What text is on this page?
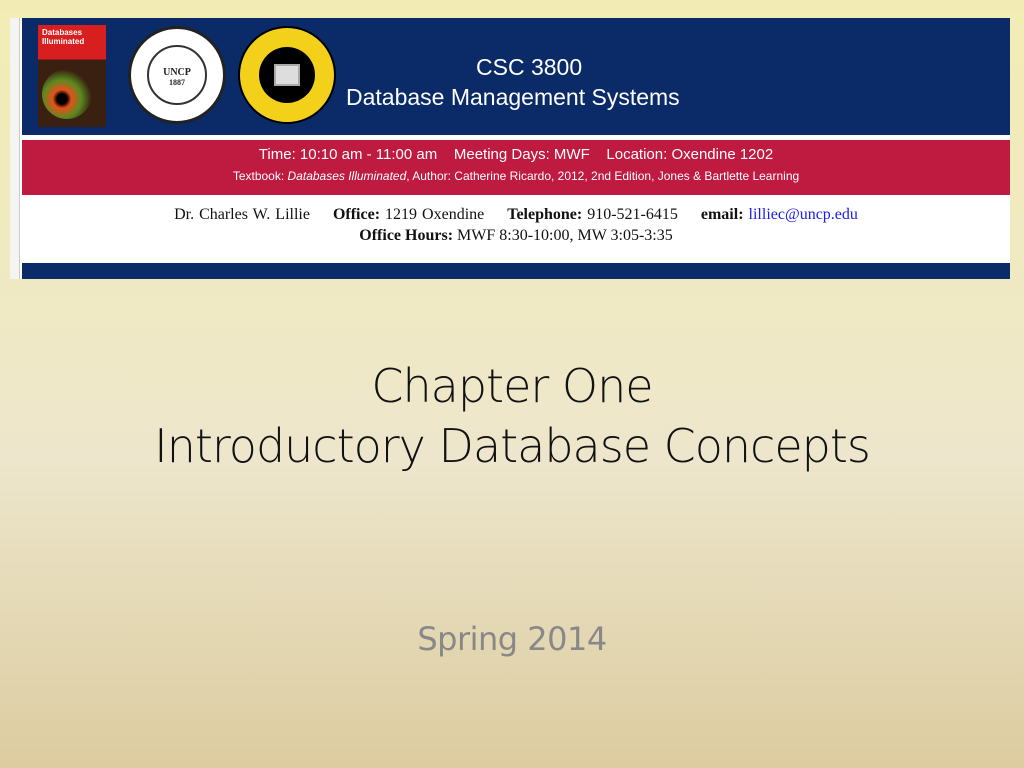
Databases Illuminated
UNCP
1887
CSC 3800
Database Management Systems
Time: 10:10 am - 11:00 am    Meeting Days: MWF    Location: Oxendine 1202
Textbook: Databases Illuminated, Author: Catherine Ricardo, 2012, 2nd Edition, Jones & Bartlette Learning
Dr. Charles W. Lillie Office: 1219 Oxendine Telephone: 910-521-6415 email: lilliec@uncp.edu
Office Hours: MWF 8:30-10:00, MW 3:05-3:35
Chapter One
Introductory Database Concepts
Spring 2014
